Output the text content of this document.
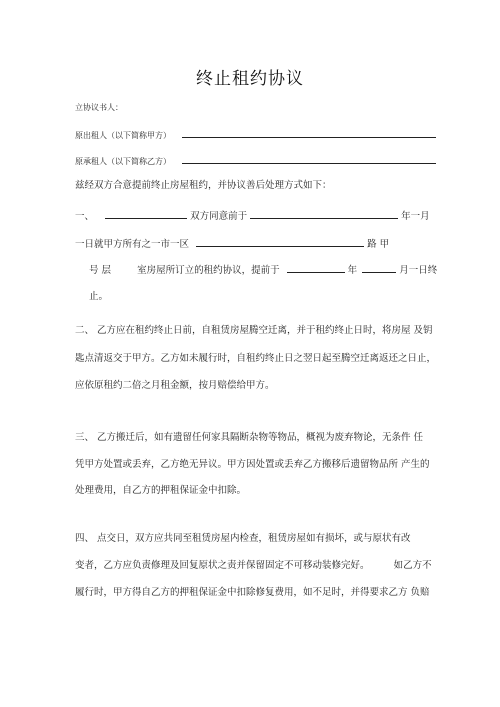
终止租约协议
立协议书人：
原出租人（以下简称甲方）
原承租人（以下简称乙方）
兹经双方合意提前终止房屋租约，并协议善后处理方式如下：
一、	双方同意前于	年一月
一日就甲方所有之一市一区	路 甲
号 层	室房屋所订立的租约协议，提前于	年	月一日终
止。
二、 乙方应在租约终止日前，自租赁房屋腾空迁离，并于租约终止日时，将房屋 及钥
匙点清返交于甲方。乙方如未履行时，自租约终止日之翌日起至腾空迁离返还之日止，
应依原租约二倍之月租金额，按月赔偿给甲方。
三、 乙方搬迁后，如有遗留任何家具隔断杂物等物品，概视为废弃物论，无条件 任
凭甲方处置或丢弃，乙方绝无异议。甲方因处置或丢弃乙方搬移后遗留物品所 产生的
处理费用，自乙方的押租保证金中扣除。
四、 点交日，双方应共同至租赁房屋内检查，租赁房屋如有损坏，或与原状有改
变者，乙方应负责修理及回复原状之责并保留固定不可移动装修完好。	如乙方不
履行时，甲方得自乙方的押租保证金中扣除修复费用，如不足时，并得要求乙方 负赔
